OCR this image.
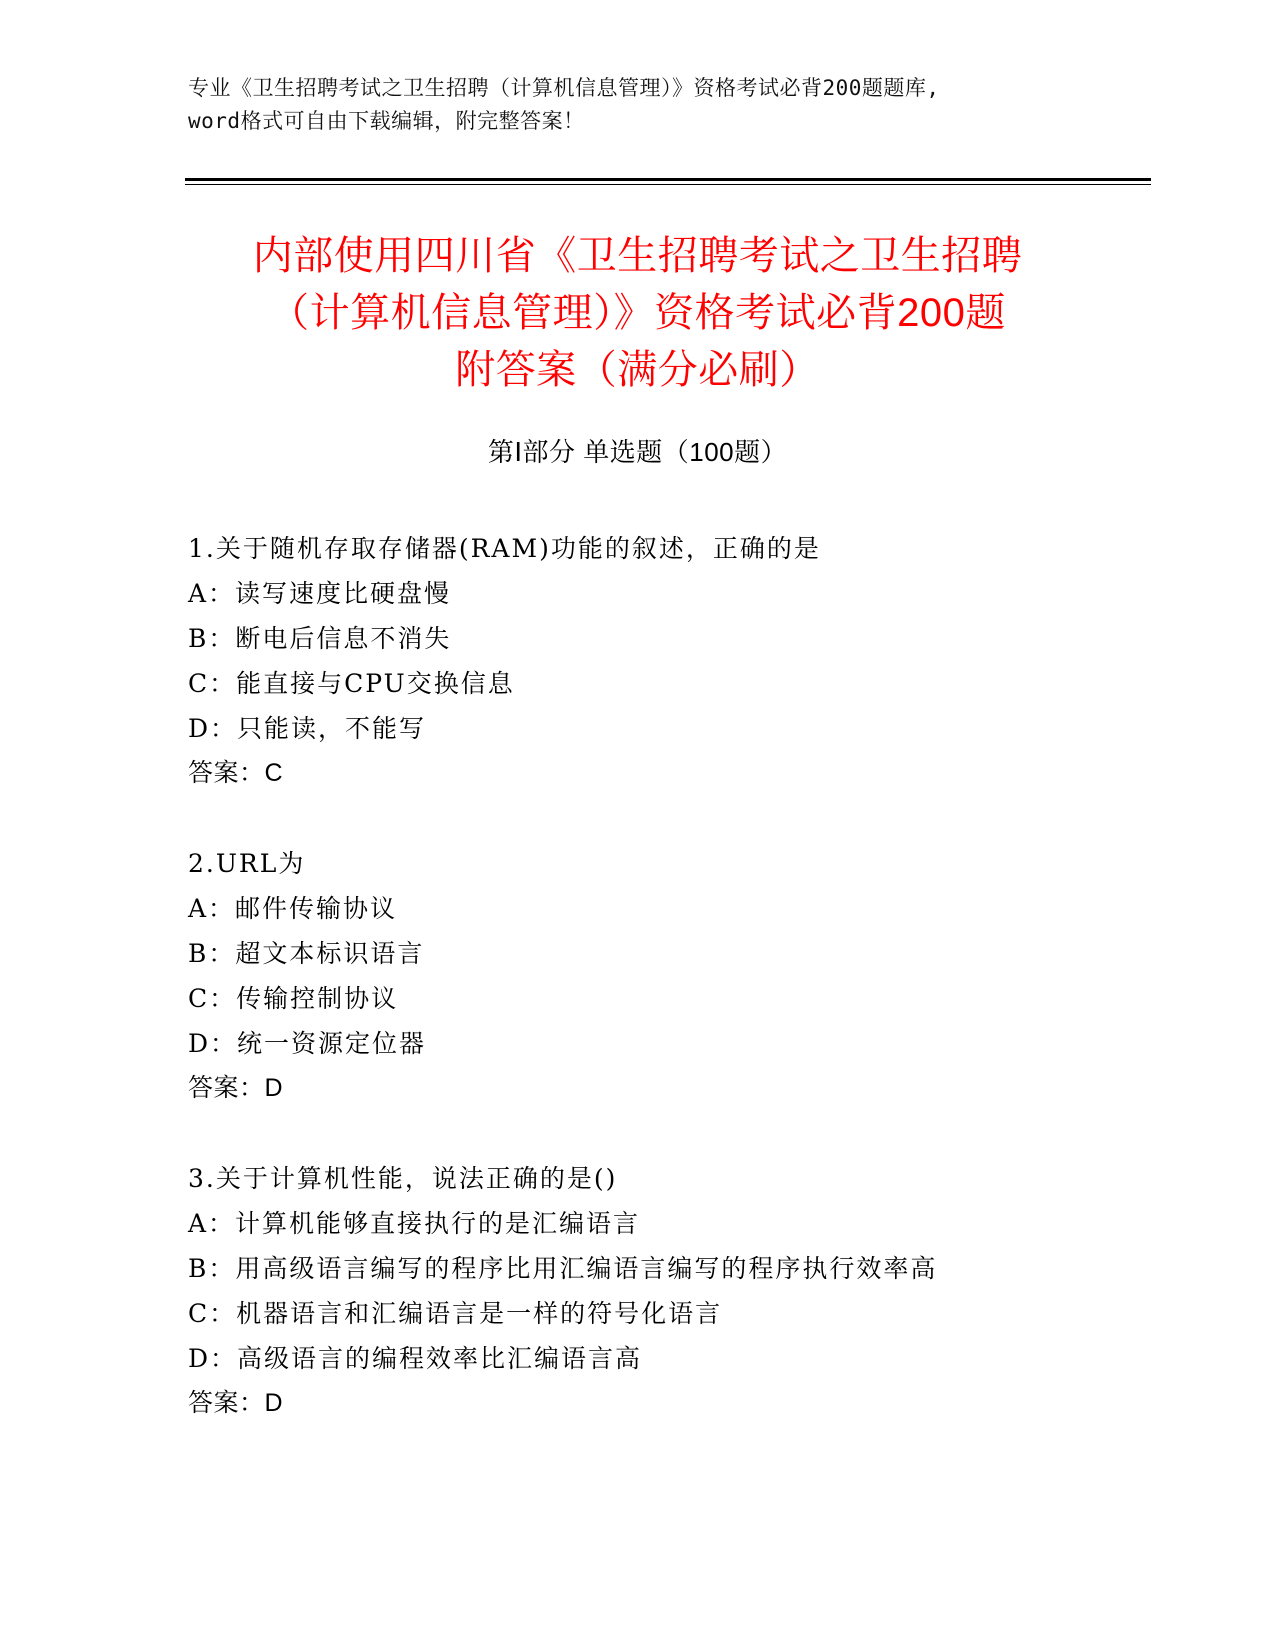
专业《卫生招聘考试之卫生招聘（计算机信息管理）》资格考试必背200题题库,
word格式可自由下载编辑，附完整答案！
内部使用四川省《卫生招聘考试之卫生招聘
（计算机信息管理）》资格考试必背200题
附答案（满分必刷）
第Ⅰ部分 单选题（100题）
1.关于随机存取存储器(RAM)功能的叙述，正确的是
A：读写速度比硬盘慢
B：断电后信息不消失
C：能直接与CPU交换信息
D：只能读，不能写
答案：C
2.URL为
A：邮件传输协议
B：超文本标识语言
C：传输控制协议
D：统一资源定位器
答案：D
3.关于计算机性能，说法正确的是()
A：计算机能够直接执行的是汇编语言
B：用高级语言编写的程序比用汇编语言编写的程序执行效率高
C：机器语言和汇编语言是一样的符号化语言
D：高级语言的编程效率比汇编语言高
答案：D
